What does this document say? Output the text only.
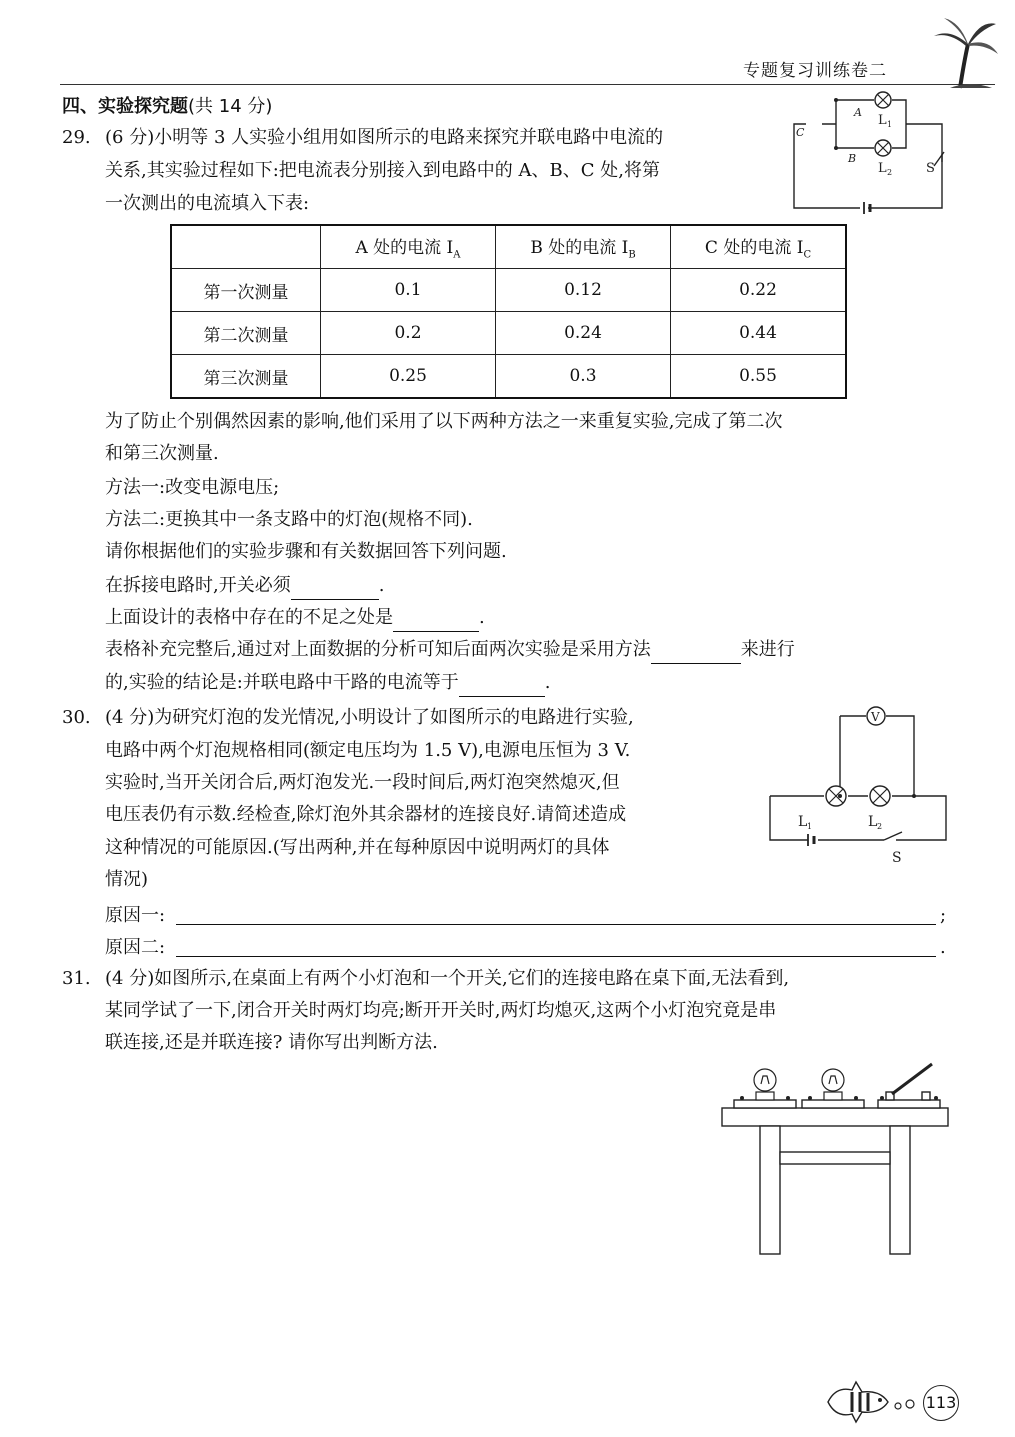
专题复习训练卷二
四、实验探究题(共 14 分)
29. (6 分)小明等 3 人实验小组用如图所示的电路来探究并联电路中电流的
关系,其实验过程如下:把电流表分别接入到电路中的 A、B、C 处,将第
一次测出的电流填入下表:
A
B
C
L 1
L 2	S
	A 处的电流 $I_A$	B 处的电流 $I_B$	C 处的电流 $I_C$
第一次测量	0.1	0.12	0.22
第二次测量	0.2	0.24	0.44
第三次测量	0.25	0.3	0.55
为了防止个别偶然因素的影响,他们采用了以下两种方法之一来重复实验,完成了第二次
和第三次测量.
方法一:改变电源电压;
方法二:更换其中一条支路中的灯泡(规格不同).
请你根据他们的实验步骤和有关数据回答下列问题.
在拆接电路时,开关必须	.
上面设计的表格中存在的不足之处是	.
表格补充完整后,通过对上面数据的分析可知后面两次实验是采用方法	来进行
的,实验的结论是:并联电路中干路的电流等于	.
30. (4 分)为研究灯泡的发光情况,小明设计了如图所示的电路进行实验,
电路中两个灯泡规格相同(额定电压均为 1.5 V),电源电压恒为 3 V.
实验时,当开关闭合后,两灯泡发光.一段时间后,两灯泡突然熄灭,但
电压表仍有示数.经检查,除灯泡外其余器材的连接良好.请简述造成
这种情况的可能原因.(写出两种,并在每种原因中说明两灯的具体
情况)
V
L 1	L 2
S
原因一:	;
原因二:	.
31. (4 分)如图所示,在桌面上有两个小灯泡和一个开关,它们的连接电路在桌下面,无法看到,
某同学试了一下,闭合开关时两灯均亮;断开开关时,两灯均熄灭,这两个小灯泡究竟是串
联连接,还是并联连接? 请你写出判断方法.
113
